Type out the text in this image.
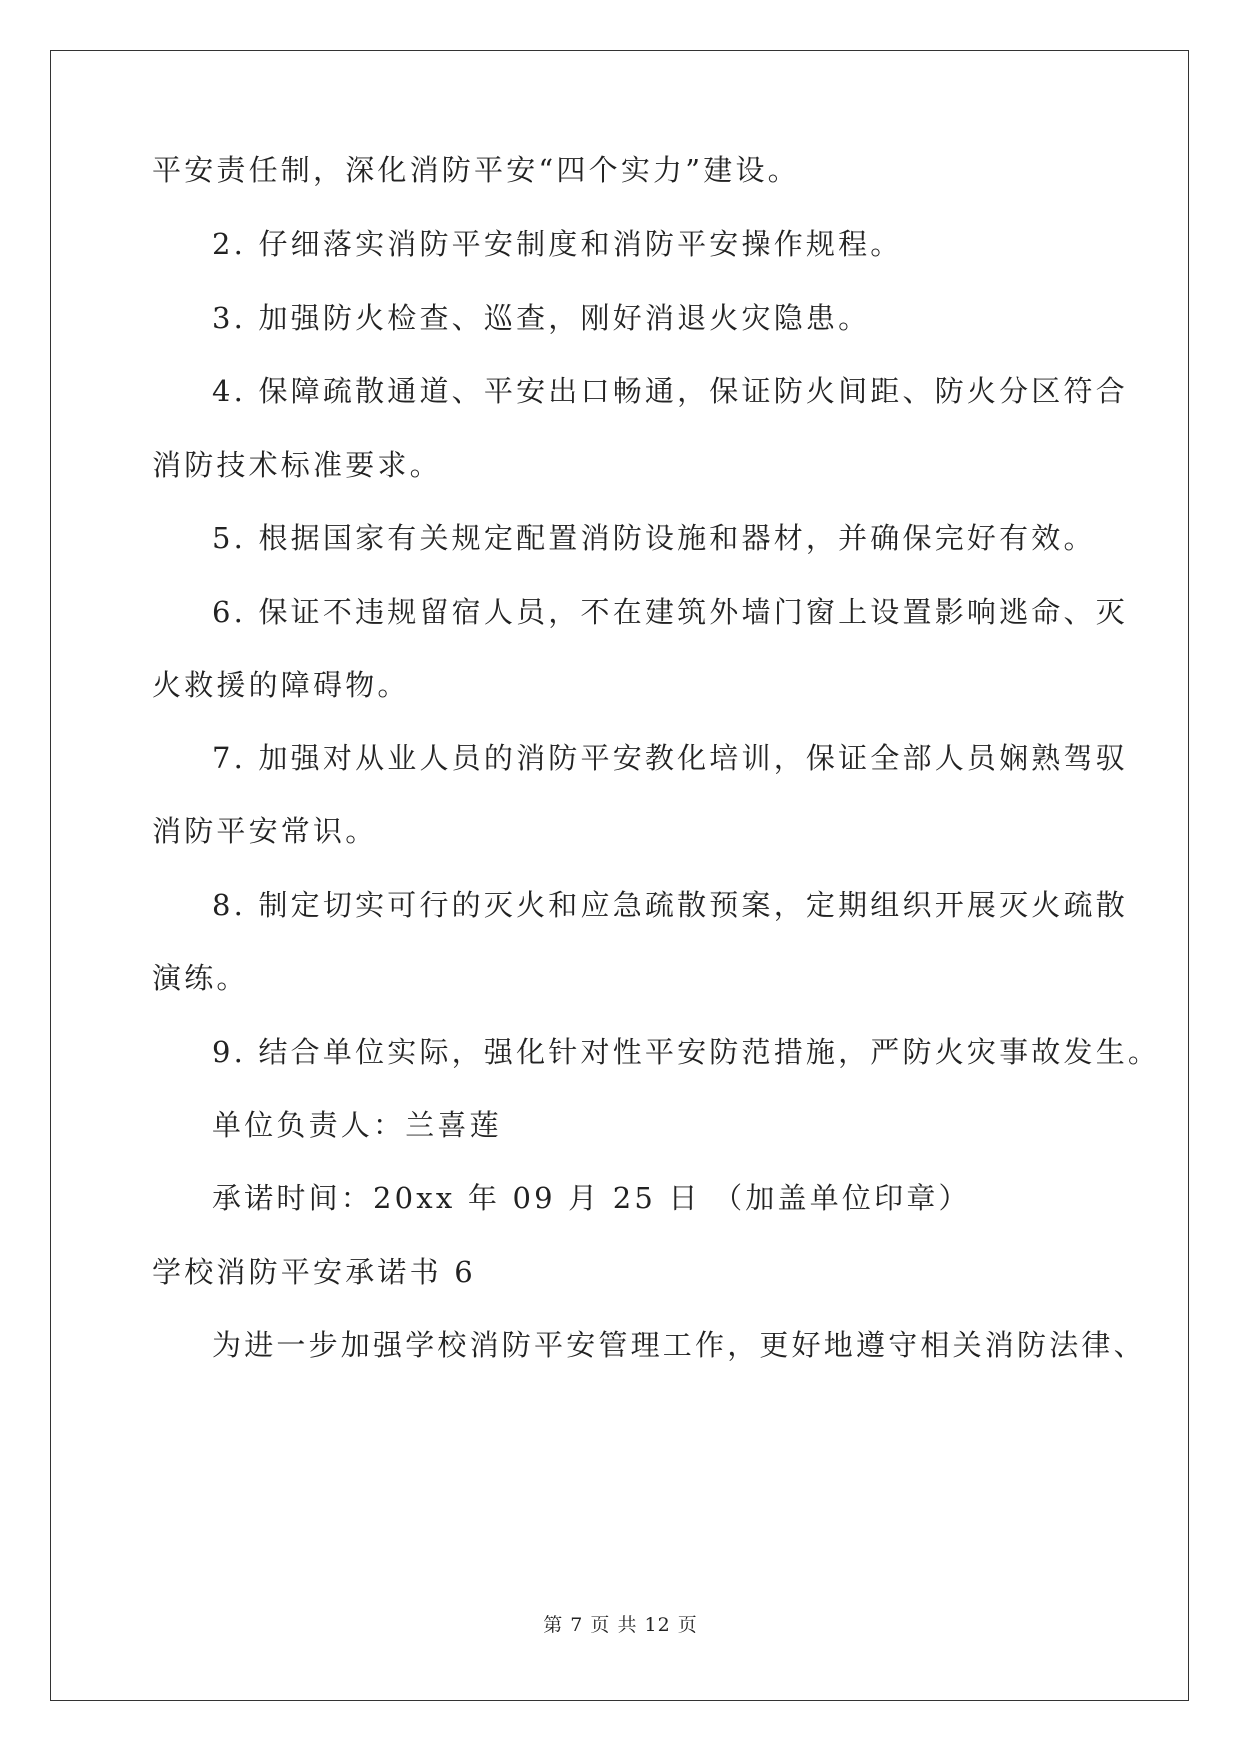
平安责任制，深化消防平安“四个实力”建设。
2. 仔细落实消防平安制度和消防平安操作规程。
3. 加强防火检查、巡查，刚好消退火灾隐患。
4. 保障疏散通道、平安出口畅通，保证防火间距、防火分区符合
消防技术标准要求。
5. 根据国家有关规定配置消防设施和器材，并确保完好有效。
6. 保证不违规留宿人员，不在建筑外墙门窗上设置影响逃命、灭
火救援的障碍物。
7. 加强对从业人员的消防平安教化培训，保证全部人员娴熟驾驭
消防平安常识。
8. 制定切实可行的灭火和应急疏散预案，定期组织开展灭火疏散
演练。
9. 结合单位实际，强化针对性平安防范措施，严防火灾事故发生。
单位负责人：兰喜莲
承诺时间：20xx 年 09 月 25 日 （加盖单位印章）
学校消防平安承诺书 6
为进一步加强学校消防平安管理工作，更好地遵守相关消防法律、
第 7 页 共 12 页
